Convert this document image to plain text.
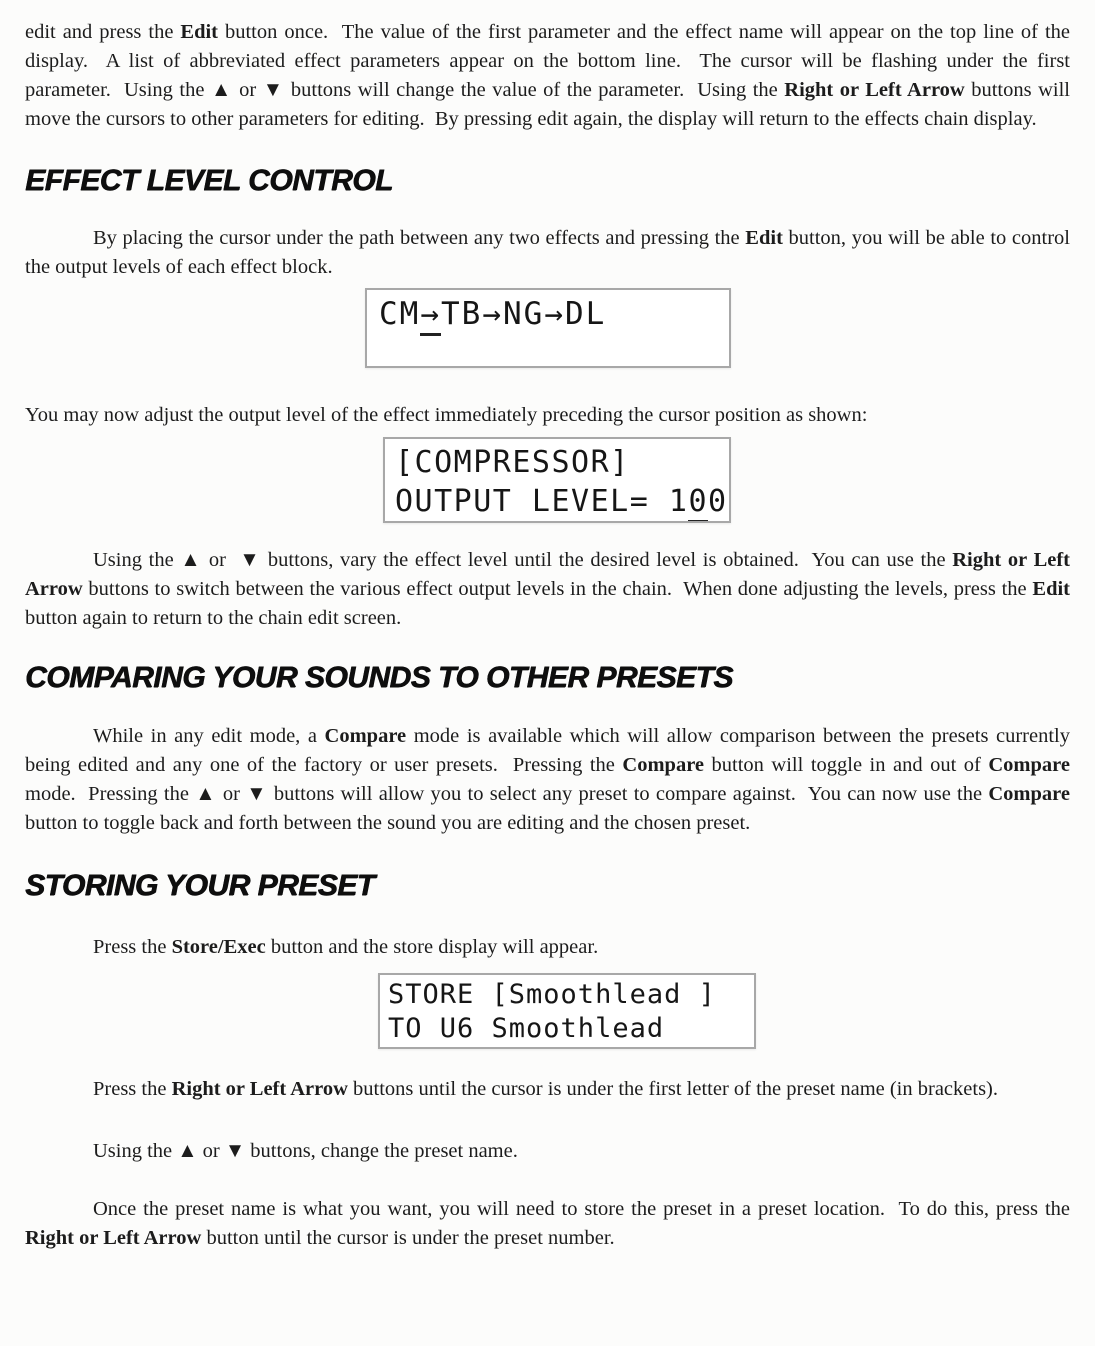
edit and press the Edit button once.  The value of the first parameter and the effect name will appear on the top line of the display.  A list of abbreviated effect parameters appear on the bottom line.  The cursor will be flashing under the first parameter.  Using the ▲ or ▼ buttons will change the value of the parameter.  Using the Right or Left Arrow buttons will move the cursors to other parameters for editing.  By pressing edit again, the display will return to the effects chain display.

EFFECT LEVEL CONTROL

By placing the cursor under the path between any two effects and pressing the Edit button, you will be able to control the output levels of each effect block.

CM→TB→NG→DL

You may now adjust the output level of the effect immediately preceding the cursor position as shown:

[COMPRESSOR]
OUTPUT LEVEL= 100

Using the ▲ or  ▼ buttons, vary the effect level until the desired level is obtained.  You can use the Right or Left Arrow buttons to switch between the various effect output levels in the chain.  When done adjusting the levels, press the Edit button again to return to the chain edit screen.

COMPARING YOUR SOUNDS TO OTHER PRESETS

While in any edit mode, a Compare mode is available which will allow comparison between the presets currently being edited and any one of the factory or user presets.  Pressing the Compare button will toggle in and out of Compare mode.  Pressing the ▲ or ▼ buttons will allow you to select any preset to compare against.  You can now use the Compare button to toggle back and forth between the sound you are editing and the chosen preset.

STORING YOUR PRESET

Press the Store/Exec button and the store display will appear.

STORE [Smoothlead ]
TO U6 Smoothlead

Press the Right or Left Arrow buttons until the cursor is under the first letter of the preset name (in brackets).

Using the ▲ or ▼ buttons, change the preset name.

Once the preset name is what you want, you will need to store the preset in a preset location.  To do this, press the Right or Left Arrow button until the cursor is under the preset number.
